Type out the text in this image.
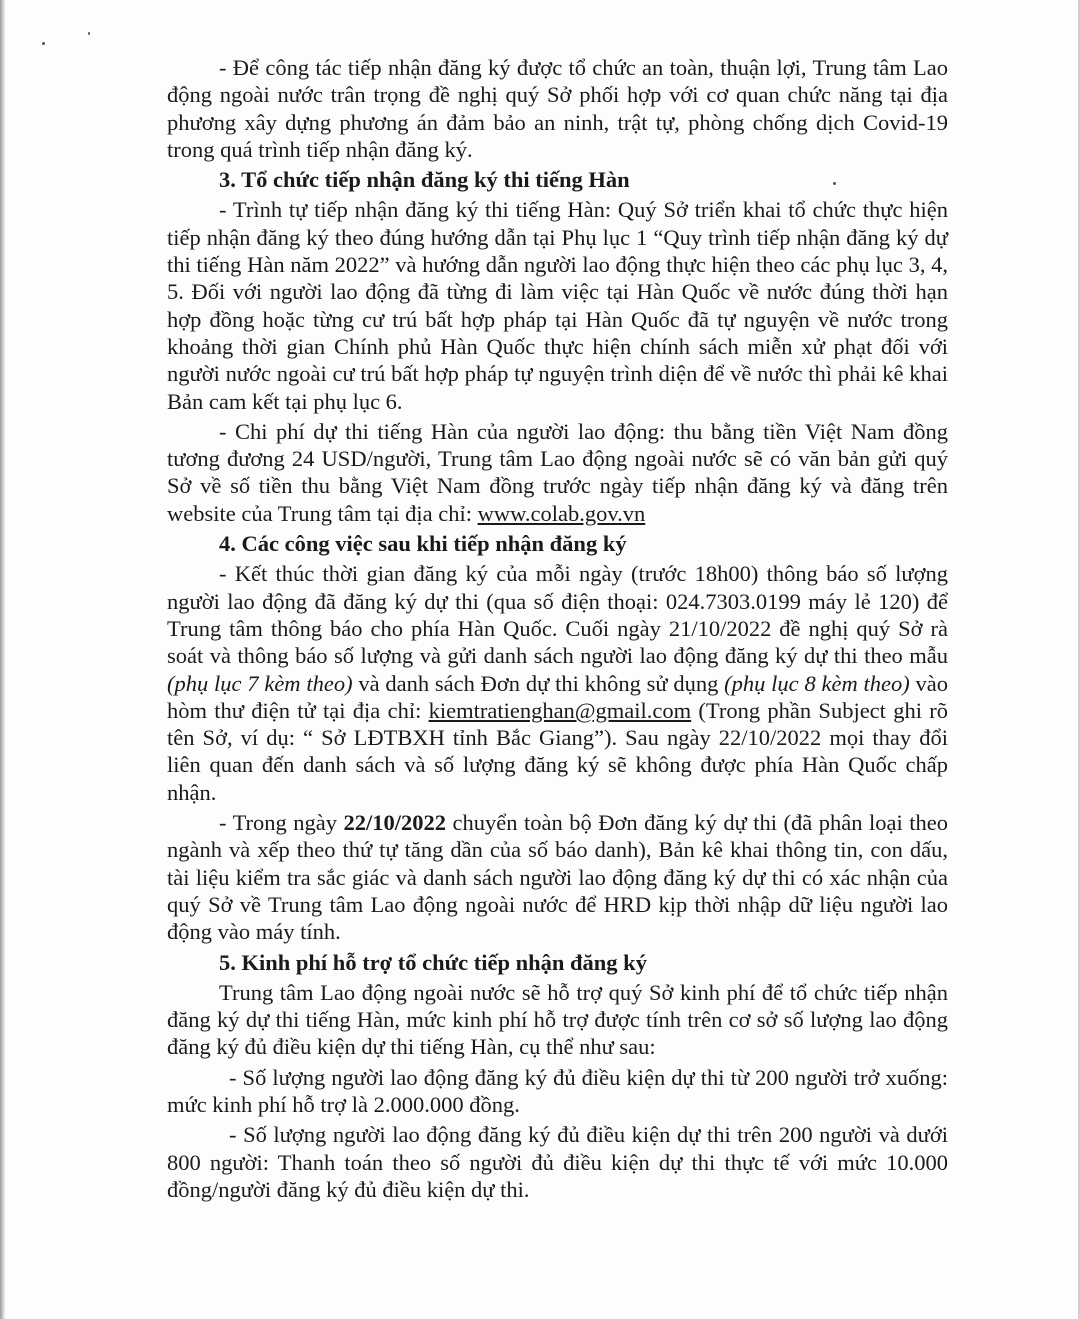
- Để công tác tiếp nhận đăng ký được tổ chức an toàn, thuận lợi, Trung tâm Lao động ngoài nước trân trọng đề nghị quý Sở phối hợp với cơ quan chức năng tại địa phương xây dựng phương án đảm bảo an ninh, trật tự, phòng chống dịch Covid-19 trong quá trình tiếp nhận đăng ký.

3. Tổ chức tiếp nhận đăng ký thi tiếng Hàn

- Trình tự tiếp nhận đăng ký thi tiếng Hàn: Quý Sở triển khai tổ chức thực hiện tiếp nhận đăng ký theo đúng hướng dẫn tại Phụ lục 1 “Quy trình tiếp nhận đăng ký dự thi tiếng Hàn năm 2022” và hướng dẫn người lao động thực hiện theo các phụ lục 3, 4, 5. Đối với người lao động đã từng đi làm việc tại Hàn Quốc về nước đúng thời hạn hợp đồng hoặc từng cư trú bất hợp pháp tại Hàn Quốc đã tự nguyện về nước trong khoảng thời gian Chính phủ Hàn Quốc thực hiện chính sách miễn xử phạt đối với người nước ngoài cư trú bất hợp pháp tự nguyện trình diện để về nước thì phải kê khai Bản cam kết tại phụ lục 6.

- Chi phí dự thi tiếng Hàn của người lao động: thu bằng tiền Việt Nam đồng tương đương 24 USD/người, Trung tâm Lao động ngoài nước sẽ có văn bản gửi quý Sở về số tiền thu bằng Việt Nam đồng trước ngày tiếp nhận đăng ký và đăng trên website của Trung tâm tại địa chỉ: www.colab.gov.vn

4. Các công việc sau khi tiếp nhận đăng ký

- Kết thúc thời gian đăng ký của mỗi ngày (trước 18h00) thông báo số lượng người lao động đã đăng ký dự thi (qua số điện thoại: 024.7303.0199 máy lẻ 120) để Trung tâm thông báo cho phía Hàn Quốc. Cuối ngày 21/10/2022 đề nghị quý Sở rà soát và thông báo số lượng và gửi danh sách người lao động đăng ký dự thi theo mẫu (phụ lục 7 kèm theo) và danh sách Đơn dự thi không sử dụng (phụ lục 8 kèm theo) vào hòm thư điện tử tại địa chỉ: kiemtratienghan@gmail.com (Trong phần Subject ghi rõ tên Sở, ví dụ: “ Sở LĐTBXH tỉnh Bắc Giang”). Sau ngày 22/10/2022 mọi thay đổi liên quan đến danh sách và số lượng đăng ký sẽ không được phía Hàn Quốc chấp nhận.

- Trong ngày 22/10/2022 chuyển toàn bộ Đơn đăng ký dự thi (đã phân loại theo ngành và xếp theo thứ tự tăng dần của số báo danh), Bản kê khai thông tin, con dấu, tài liệu kiểm tra sắc giác và danh sách người lao động đăng ký dự thi có xác nhận của quý Sở về Trung tâm Lao động ngoài nước để HRD kịp thời nhập dữ liệu người lao động vào máy tính.

5. Kinh phí hỗ trợ tổ chức tiếp nhận đăng ký

Trung tâm Lao động ngoài nước sẽ hỗ trợ quý Sở kinh phí để tổ chức tiếp nhận đăng ký dự thi tiếng Hàn, mức kinh phí hỗ trợ được tính trên cơ sở số lượng lao động đăng ký đủ điều kiện dự thi tiếng Hàn, cụ thể như sau:

- Số lượng người lao động đăng ký đủ điều kiện dự thi từ 200 người trở xuống: mức kinh phí hỗ trợ là 2.000.000 đồng.

- Số lượng người lao động đăng ký đủ điều kiện dự thi trên 200 người và dưới 800 người: Thanh toán theo số người đủ điều kiện dự thi thực tế với mức 10.000 đồng/người đăng ký đủ điều kiện dự thi.
